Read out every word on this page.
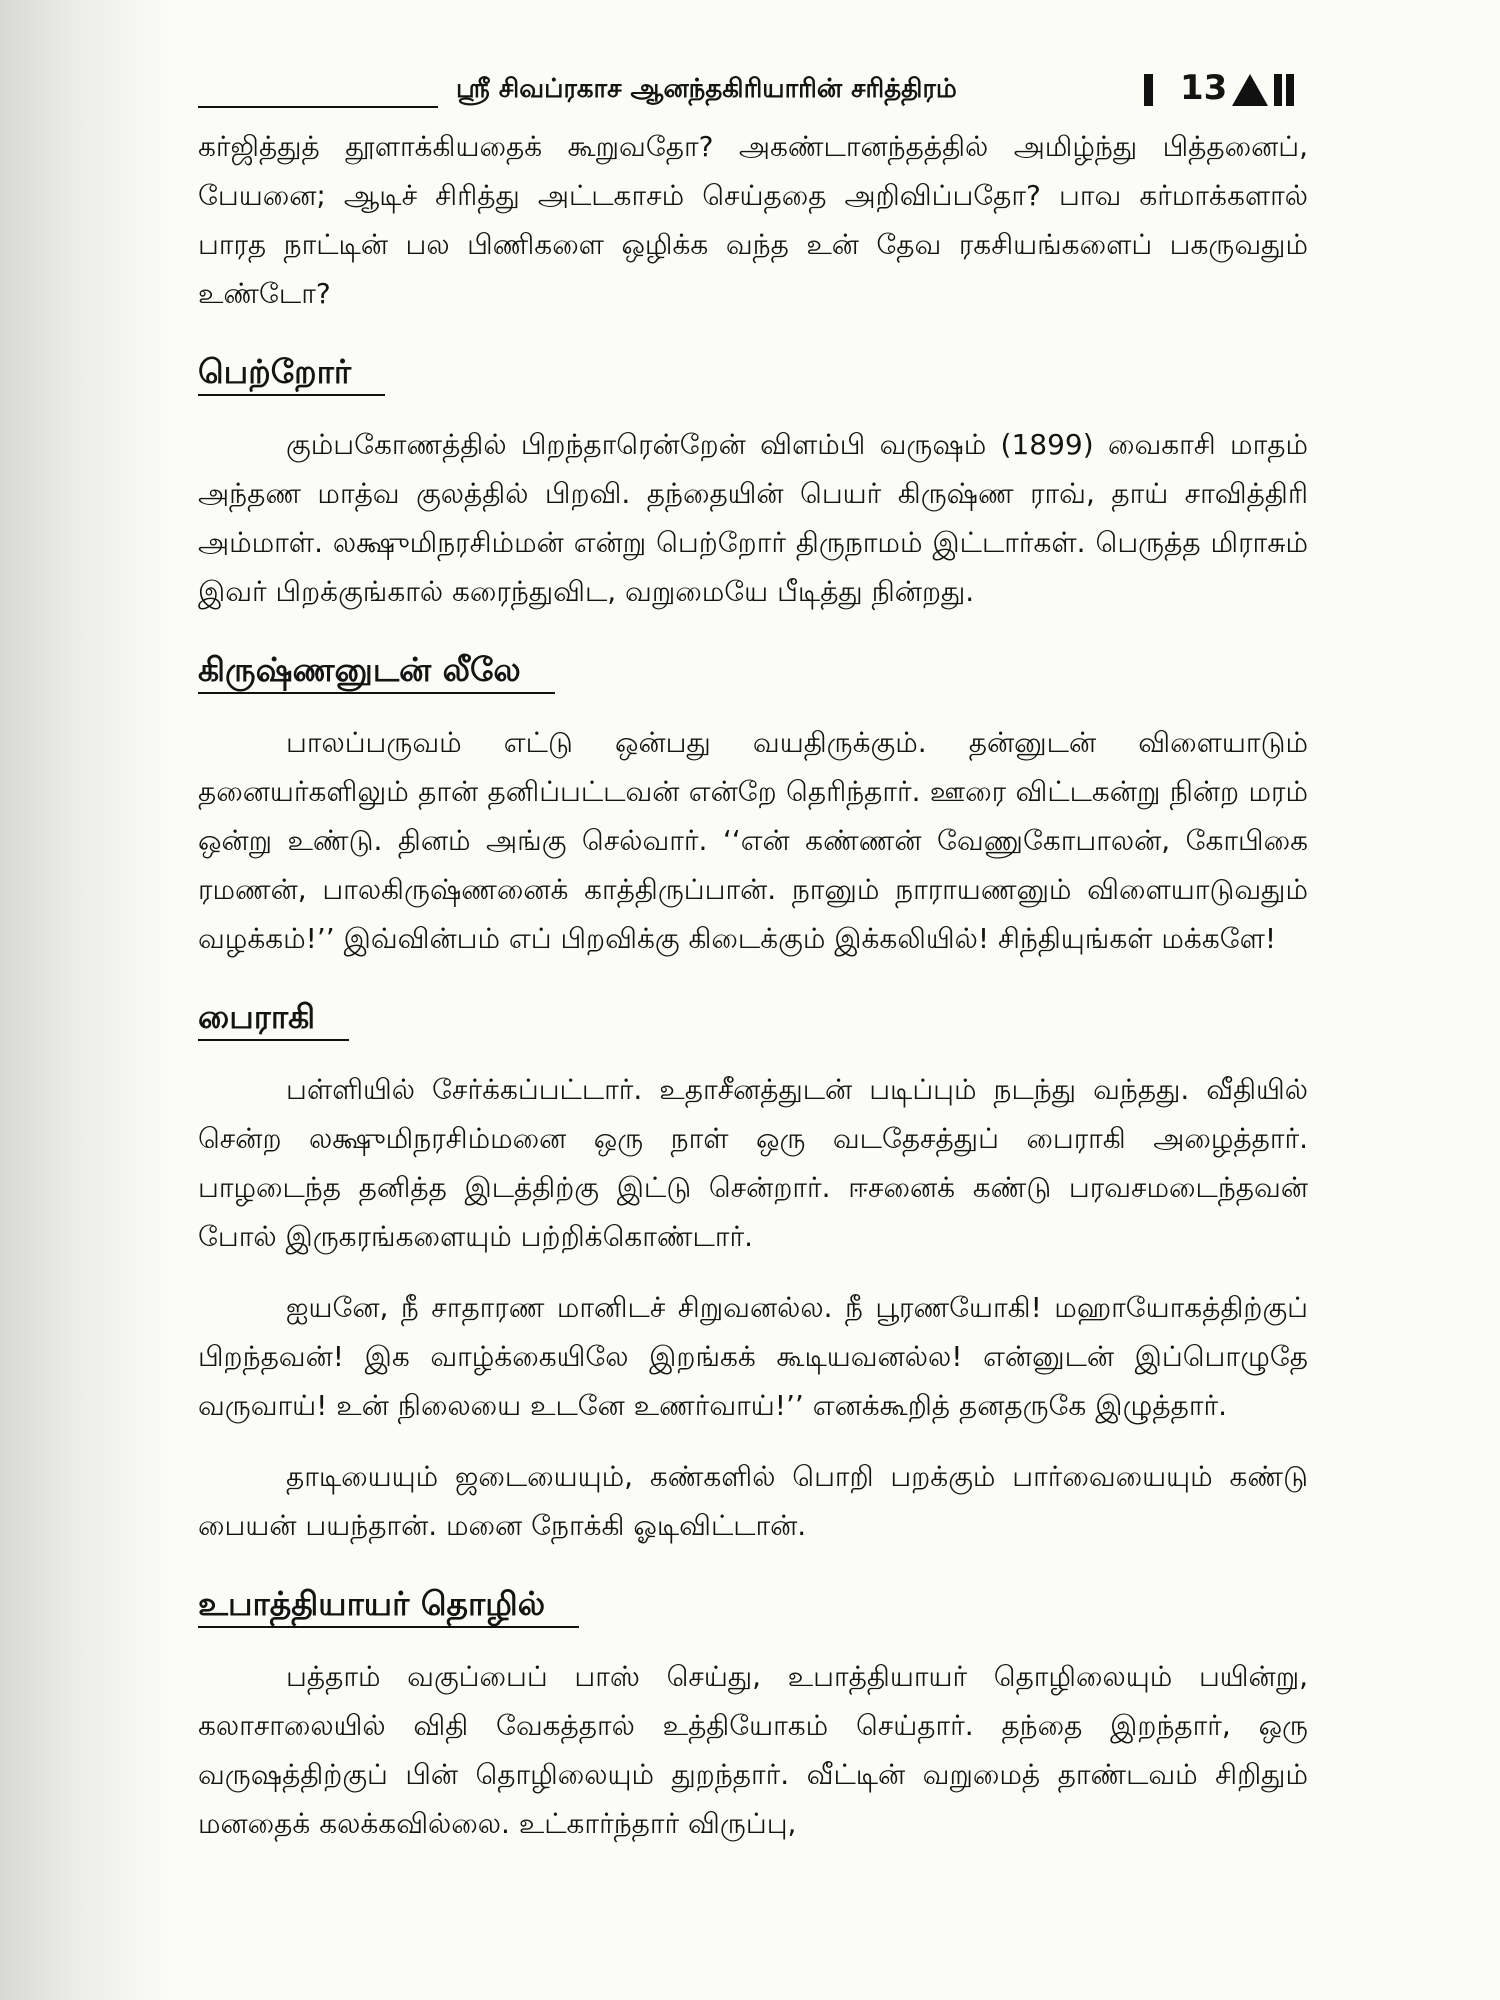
ஸ்ரீ சிவப்ரகாச ஆனந்தகிரியாரின் சரித்திரம்	13

கர்ஜித்துத் தூளாக்கியதைக் கூறுவதோ? அகண்டானந்தத்தில் அமிழ்ந்து பித்தனைப், பேயனை; ஆடிச் சிரித்து அட்டகாசம் செய்ததை அறிவிப்பதோ? பாவ கர்மாக்களால் பாரத நாட்டின் பல பிணிகளை ஒழிக்க வந்த உன் தேவ ரகசியங்களைப் பகருவதும் உண்டோ?

பெற்றோர்

கும்பகோணத்தில் பிறந்தாரென்றேன் விளம்பி வருஷம் (1899) வைகாசி மாதம் அந்தண மாத்வ குலத்தில் பிறவி. தந்தையின் பெயர் கிருஷ்ண ராவ், தாய் சாவித்திரி அம்மாள். லக்ஷுமிநரசிம்மன் என்று பெற்றோர் திருநாமம் இட்டார்கள். பெருத்த மிராசும் இவர் பிறக்குங்கால் கரைந்துவிட, வறுமையே பீடித்து நின்றது.

கிருஷ்ணனுடன் லீலே

பாலப்பருவம் எட்டு ஒன்பது வயதிருக்கும். தன்னுடன் விளையாடும் தனையர்களிலும் தான் தனிப்பட்டவன் என்றே தெரிந்தார். ஊரை விட்டகன்று நின்ற மரம் ஒன்று உண்டு. தினம் அங்கு செல்வார். ‘‘என் கண்ணன் வேணுகோபாலன், கோபிகை ரமணன், பாலகிருஷ்ணனைக் காத்திருப்பான். நானும் நாராயணனும் விளையாடுவதும் வழக்கம்!’’ இவ்வின்பம் எப் பிறவிக்கு கிடைக்கும் இக்கலியில்! சிந்தியுங்கள் மக்களே!

பைராகி

பள்ளியில் சேர்க்கப்பட்டார். உதாசீனத்துடன் படிப்பும் நடந்து வந்தது. வீதியில் சென்ற லக்ஷுமிநரசிம்மனை ஒரு நாள் ஒரு வடதேசத்துப் பைராகி அழைத்தார். பாழடைந்த தனித்த இடத்திற்கு இட்டு சென்றார். ஈசனைக் கண்டு பரவசமடைந்தவன் போல் இருகரங்களையும் பற்றிக்கொண்டார்.

ஐயனே, நீ சாதாரண மானிடச் சிறுவனல்ல. நீ பூரணயோகி! மஹாயோகத்திற்குப் பிறந்தவன்! இக வாழ்க்கையிலே இறங்கக் கூடியவனல்ல! என்னுடன் இப்பொழுதே வருவாய்! உன் நிலையை உடனே உணர்வாய்!’’ எனக்கூறித் தனதருகே இழுத்தார்.

தாடியையும் ஜடையையும், கண்களில் பொறி பறக்கும் பார்வையையும் கண்டு பையன் பயந்தான். மனை நோக்கி ஓடிவிட்டான்.

உபாத்தியாயர் தொழில்

பத்தாம் வகுப்பைப் பாஸ் செய்து, உபாத்தியாயர் தொழிலையும் பயின்று, கலாசாலையில் விதி வேகத்தால் உத்தியோகம் செய்தார். தந்தை இறந்தார், ஒரு வருஷத்திற்குப் பின் தொழிலையும் துறந்தார். வீட்டின் வறுமைத் தாண்டவம் சிறிதும் மனதைக் கலக்கவில்லை. உட்கார்ந்தார் விருப்பு,
